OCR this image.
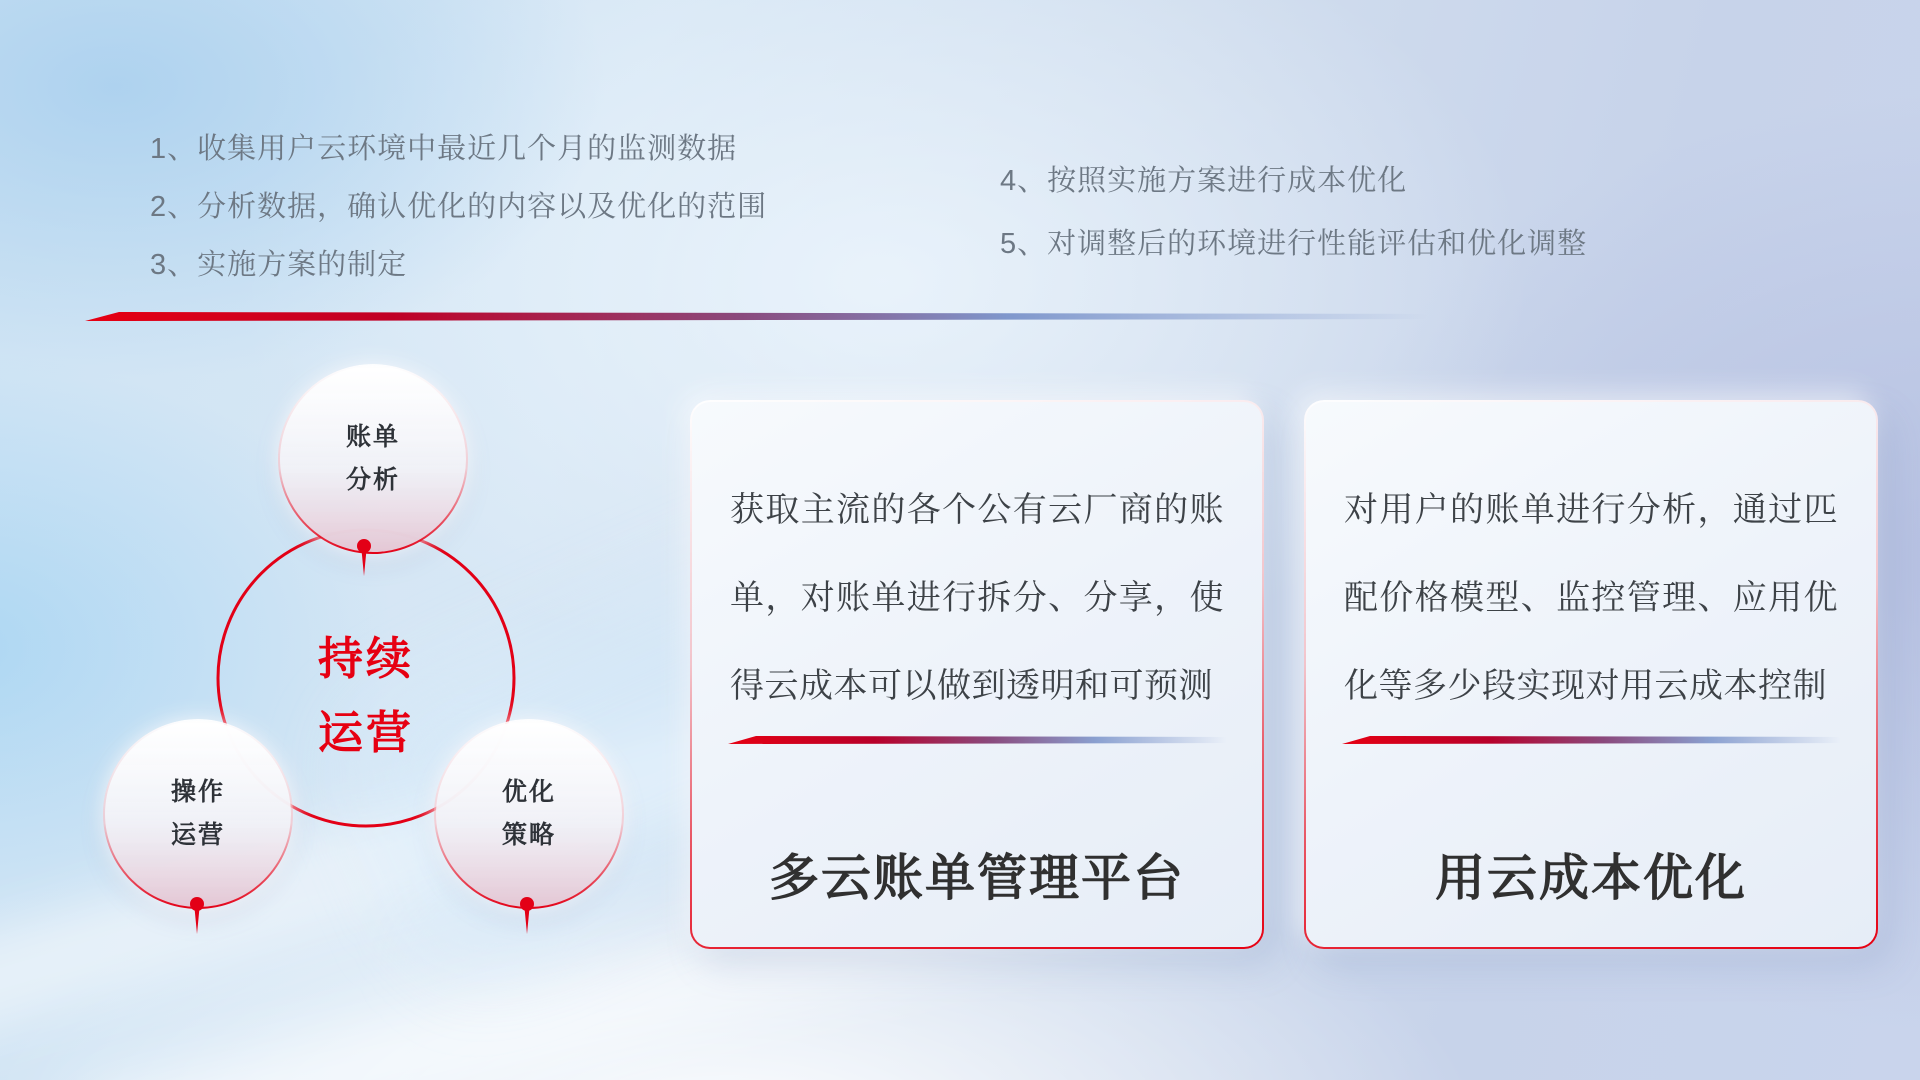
1、收集用户云环境中最近几个月的监测数据
2、分析数据，确认优化的内容以及优化的范围
3、实施方案的制定
4、按照实施方案进行成本优化
5、对调整后的环境进行性能评估和优化调整
账单
分析
操作
运营
优化
策略
持续
运营

获取主流的各个公有云厂商的账单，对账单进行拆分、分享，使得云成本可以做到透明和可预测

多云账单管理平台

对用户的账单进行分析，通过匹配价格模型、监控管理、应用优化等多少段实现对用云成本控制

用云成本优化
